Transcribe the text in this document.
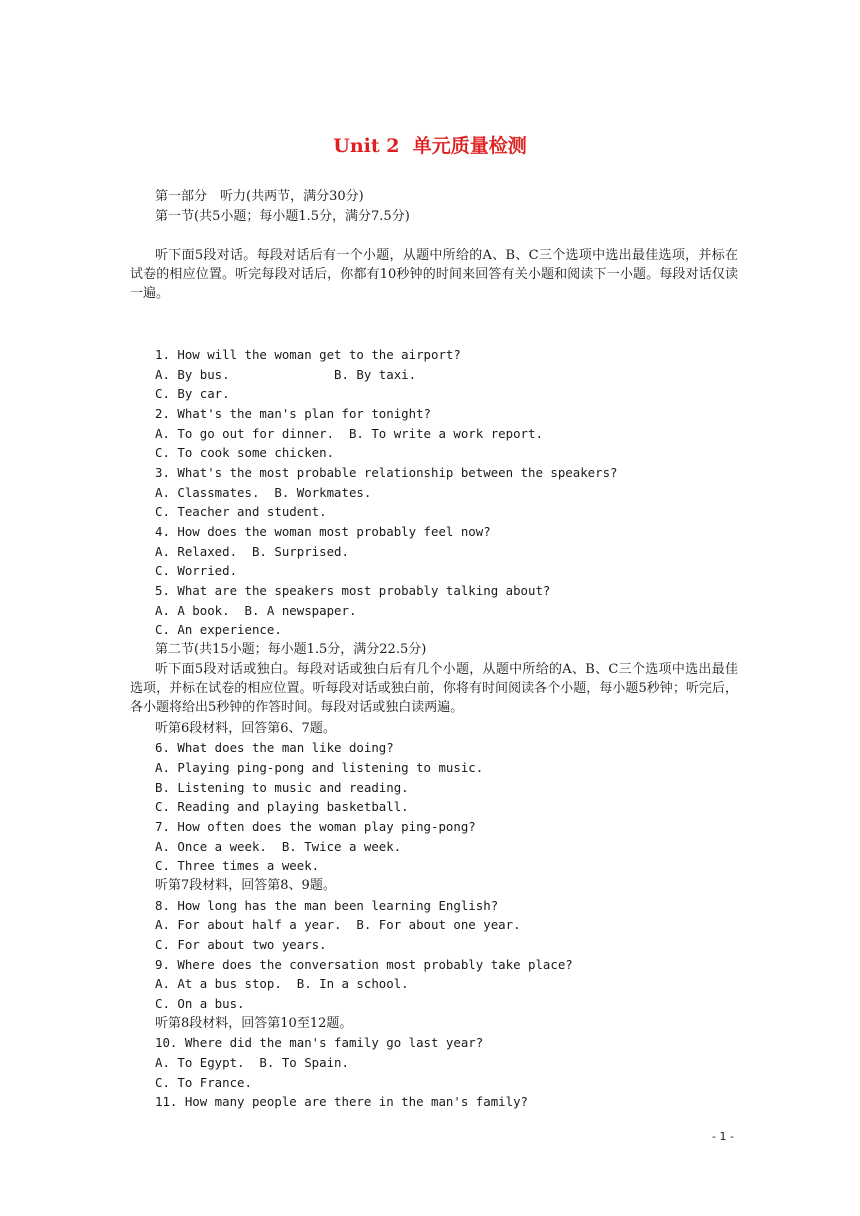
Unit 2  单元质量检测
第一部分　听力(共两节，满分30分)
第一节(共5小题；每小题1.5分，满分7.5分)
听下面5段对话。每段对话后有一个小题，从题中所给的A、B、C三个选项中选出最佳选项，并标在试卷的相应位置。听完每段对话后，你都有10秒钟的时间来回答有关小题和阅读下一小题。每段对话仅读一遍。
1. How will the woman get to the airport?
A. By bus.              B. By taxi.
C. By car.
2. What's the man's plan for tonight?
A. To go out for dinner.  B. To write a work report.
C. To cook some chicken.
3. What's the most probable relationship between the speakers?
A. Classmates.  B. Workmates.
C. Teacher and student.
4. How does the woman most probably feel now?
A. Relaxed.  B. Surprised.
C. Worried.
5. What are the speakers most probably talking about?
A. A book.  B. A newspaper.
C. An experience.
第二节(共15小题；每小题1.5分，满分22.5分)
听下面5段对话或独白。每段对话或独白后有几个小题，从题中所给的A、B、C三个选项中选出最佳选项，并标在试卷的相应位置。听每段对话或独白前，你将有时间阅读各个小题，每小题5秒钟；听完后，各小题将给出5秒钟的作答时间。每段对话或独白读两遍。
听第6段材料，回答第6、7题。
6. What does the man like doing?
A. Playing ping-pong and listening to music.
B. Listening to music and reading.
C. Reading and playing basketball.
7. How often does the woman play ping-pong?
A. Once a week.  B. Twice a week.
C. Three times a week.
听第7段材料，回答第8、9题。
8. How long has the man been learning English?
A. For about half a year.  B. For about one year.
C. For about two years.
9. Where does the conversation most probably take place?
A. At a bus stop.  B. In a school.
C. On a bus.
听第8段材料，回答第10至12题。
10. Where did the man's family go last year?
A. To Egypt.  B. To Spain.
C. To France.
11. How many people are there in the man's family?
- 1 -
